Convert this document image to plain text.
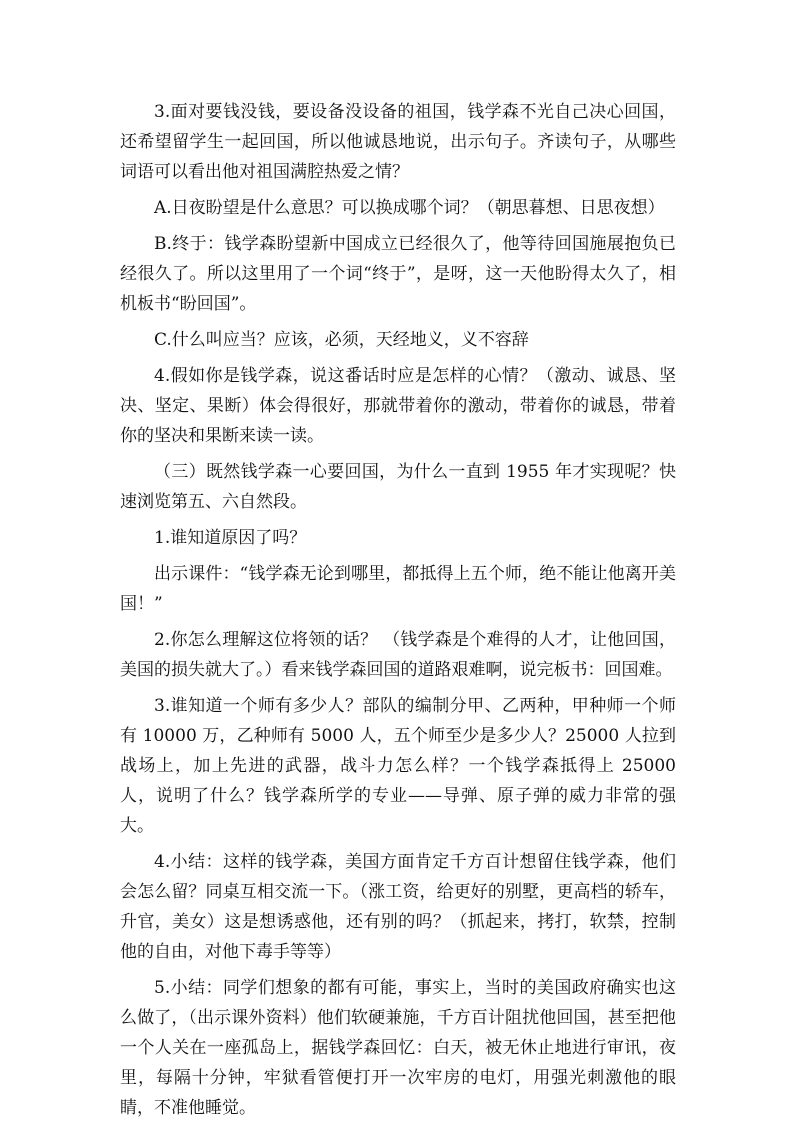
3.面对要钱没钱，要设备没设备的祖国，钱学森不光自己决心回国，还希望留学生一起回国，所以他诚恳地说，出示句子。齐读句子，从哪些词语可以看出他对祖国满腔热爱之情？

A.日夜盼望是什么意思？可以换成哪个词？（朝思暮想、日思夜想）

B.终于：钱学森盼望新中国成立已经很久了，他等待回国施展抱负已经很久了。所以这里用了一个词“终于”，是呀，这一天他盼得太久了，相机板书“盼回国”。

C.什么叫应当？应该，必须，天经地义，义不容辞

4.假如你是钱学森，说这番话时应是怎样的心情？（激动、诚恳、坚决、坚定、果断）体会得很好，那就带着你的激动，带着你的诚恳，带着你的坚决和果断来读一读。

（三）既然钱学森一心要回国，为什么一直到 1955 年才实现呢？快速浏览第五、六自然段。

1.谁知道原因了吗？

出示课件：“钱学森无论到哪里，都抵得上五个师，绝不能让他离开美国！”

2.你怎么理解这位将领的话？ （钱学森是个难得的人才，让他回国，美国的损失就大了。）看来钱学森回国的道路艰难啊，说完板书：回国难。

3.谁知道一个师有多少人？部队的编制分甲、乙两种，甲种师一个师有 10000 万，乙种师有 5000 人，五个师至少是多少人？25000 人拉到战场上，加上先进的武器，战斗力怎么样？一个钱学森抵得上 25000 人，说明了什么？钱学森所学的专业——导弹、原子弹的威力非常的强大。

4.小结：这样的钱学森，美国方面肯定千方百计想留住钱学森，他们会怎么留？同桌互相交流一下。（涨工资，给更好的别墅，更高档的轿车，升官，美女）这是想诱惑他，还有别的吗？（抓起来，拷打，软禁，控制他的自由，对他下毒手等等）

5.小结：同学们想象的都有可能，事实上，当时的美国政府确实也这么做了，（出示课外资料）他们软硬兼施，千方百计阻扰他回国，甚至把他一个人关在一座孤岛上，据钱学森回忆：白天，被无休止地进行审讯，夜里，每隔十分钟，牢狱看管便打开一次牢房的电灯，用强光刺激他的眼睛，不准他睡觉。
